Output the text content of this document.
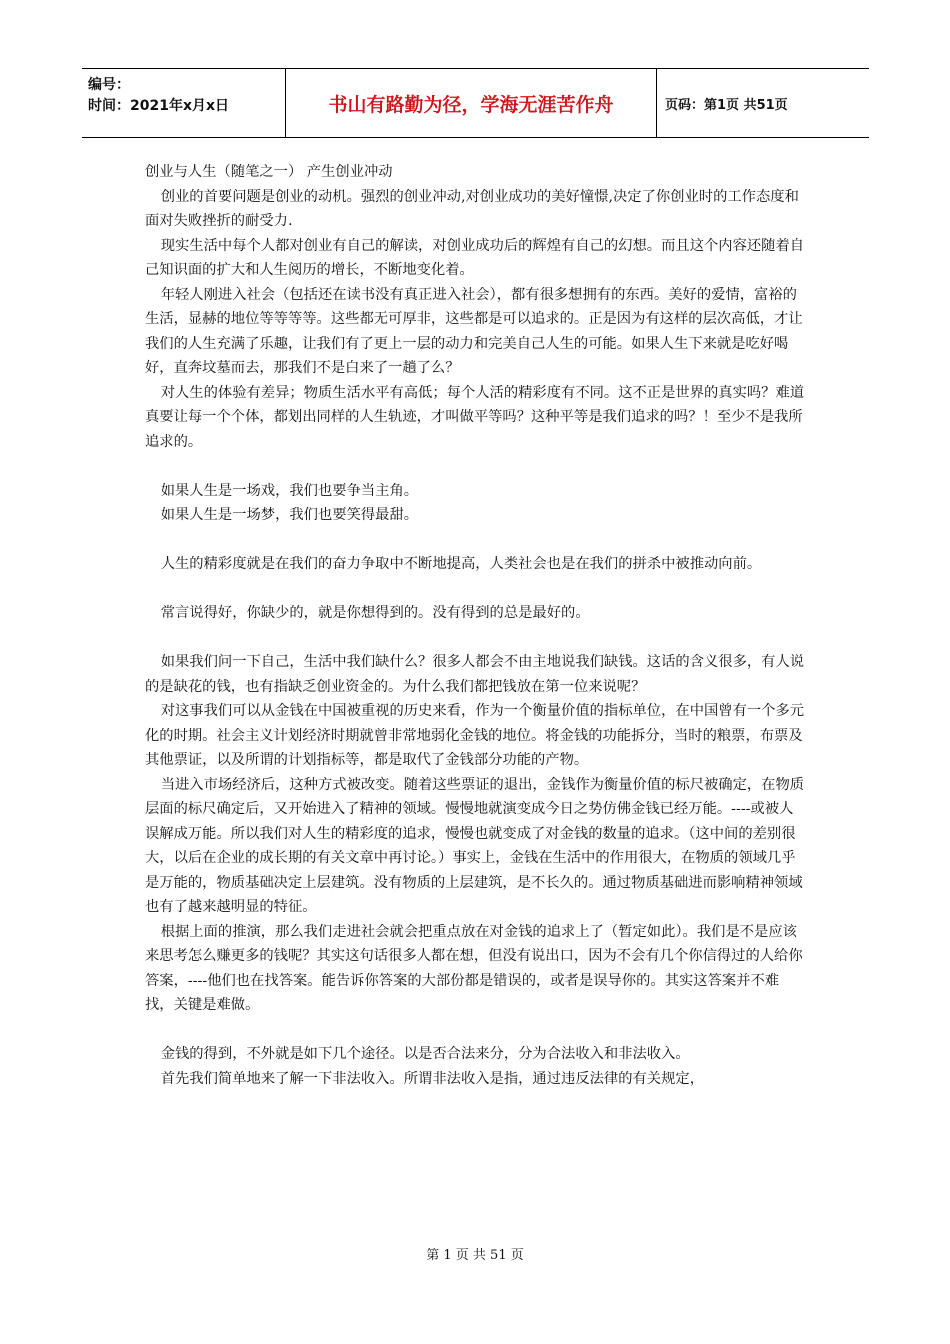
编号：
时间：2021年x月x日	书山有路勤为径，学海无涯苦作舟	页码：第1页 共51页

创业与人生（随笔之一） 产生创业冲动

创业的首要问题是创业的动机。强烈的创业冲动,对创业成功的美好憧憬,决定了你创业时的工作态度和面对失败挫折的耐受力.

现实生活中每个人都对创业有自己的解读，对创业成功后的辉煌有自己的幻想。而且这个内容还随着自己知识面的扩大和人生阅历的增长，不断地变化着。

年轻人刚进入社会（包括还在读书没有真正进入社会），都有很多想拥有的东西。美好的爱情，富裕的生活，显赫的地位等等等等。这些都无可厚非，这些都是可以追求的。正是因为有这样的层次高低，才让我们的人生充满了乐趣，让我们有了更上一层的动力和完美自己人生的可能。如果人生下来就是吃好喝好，直奔坟墓而去，那我们不是白来了一趟了么？

对人生的体验有差异；物质生活水平有高低；每个人活的精彩度有不同。这不正是世界的真实吗？难道真要让每一个个体，都划出同样的人生轨迹，才叫做平等吗？这种平等是我们追求的吗？！至少不是我所追求的。

如果人生是一场戏，我们也要争当主角。

如果人生是一场梦，我们也要笑得最甜。

人生的精彩度就是在我们的奋力争取中不断地提高，人类社会也是在我们的拼杀中被推动向前。

常言说得好，你缺少的，就是你想得到的。没有得到的总是最好的。

如果我们问一下自己，生活中我们缺什么？很多人都会不由主地说我们缺钱。这话的含义很多，有人说的是缺花的钱，也有指缺乏创业资金的。为什么我们都把钱放在第一位来说呢？

对这事我们可以从金钱在中国被重视的历史来看，作为一个衡量价值的指标单位，在中国曾有一个多元化的时期。社会主义计划经济时期就曾非常地弱化金钱的地位。将金钱的功能拆分，当时的粮票，布票及其他票证，以及所谓的计划指标等，都是取代了金钱部分功能的产物。

当进入市场经济后，这种方式被改变。随着这些票证的退出，金钱作为衡量价值的标尺被确定，在物质层面的标尺确定后，又开始进入了精神的领域。慢慢地就演变成今日之势仿佛金钱已经万能。----或被人误解成万能。所以我们对人生的精彩度的追求，慢慢也就变成了对金钱的数量的追求。（这中间的差别很大，以后在企业的成长期的有关文章中再讨论。）事实上，金钱在生活中的作用很大，在物质的领域几乎是万能的，物质基础决定上层建筑。没有物质的上层建筑，是不长久的。通过物质基础进而影响精神领域也有了越来越明显的特征。

根据上面的推演，那么我们走进社会就会把重点放在对金钱的追求上了（暂定如此）。我们是不是应该来思考怎么赚更多的钱呢？其实这句话很多人都在想，但没有说出口，因为不会有几个你信得过的人给你答案，----他们也在找答案。能告诉你答案的大部份都是错误的，或者是误导你的。其实这答案并不难找，关键是难做。

金钱的得到，不外就是如下几个途径。以是否合法来分，分为合法收入和非法收入。

首先我们简单地来了解一下非法收入。所谓非法收入是指，通过违反法律的有关规定，

第 1 页 共 51 页
